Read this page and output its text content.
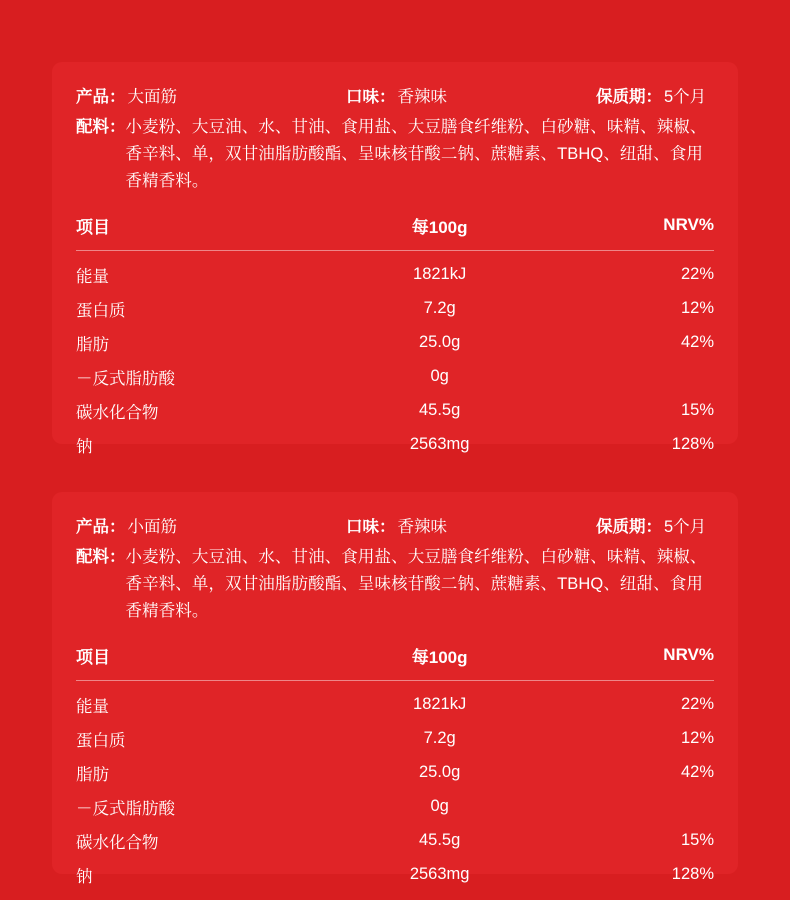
产品： 大面筋	口味： 香辣味	保质期： 5个月
配料： 小麦粉、大豆油、水、甘油、食用盐、大豆膳食纤维粉、白砂糖、味精、辣椒、香辛料、单，双甘油脂肪酸酯、呈味核苷酸二钠、蔗糖素、TBHQ、纽甜、食用香精香料。
项目	每100g	NRV%

能量	1821kJ	22%
蛋白质	7.2g	12%
脂肪	25.0g	42%
－反式脂肪酸	0g	
碳水化合物	45.5g	15%
钠	2563mg	128%
产品： 小面筋	口味： 香辣味	保质期： 5个月
配料： 小麦粉、大豆油、水、甘油、食用盐、大豆膳食纤维粉、白砂糖、味精、辣椒、香辛料、单，双甘油脂肪酸酯、呈味核苷酸二钠、蔗糖素、TBHQ、纽甜、食用香精香料。
项目	每100g	NRV%

能量	1821kJ	22%
蛋白质	7.2g	12%
脂肪	25.0g	42%
－反式脂肪酸	0g	
碳水化合物	45.5g	15%
钠	2563mg	128%
